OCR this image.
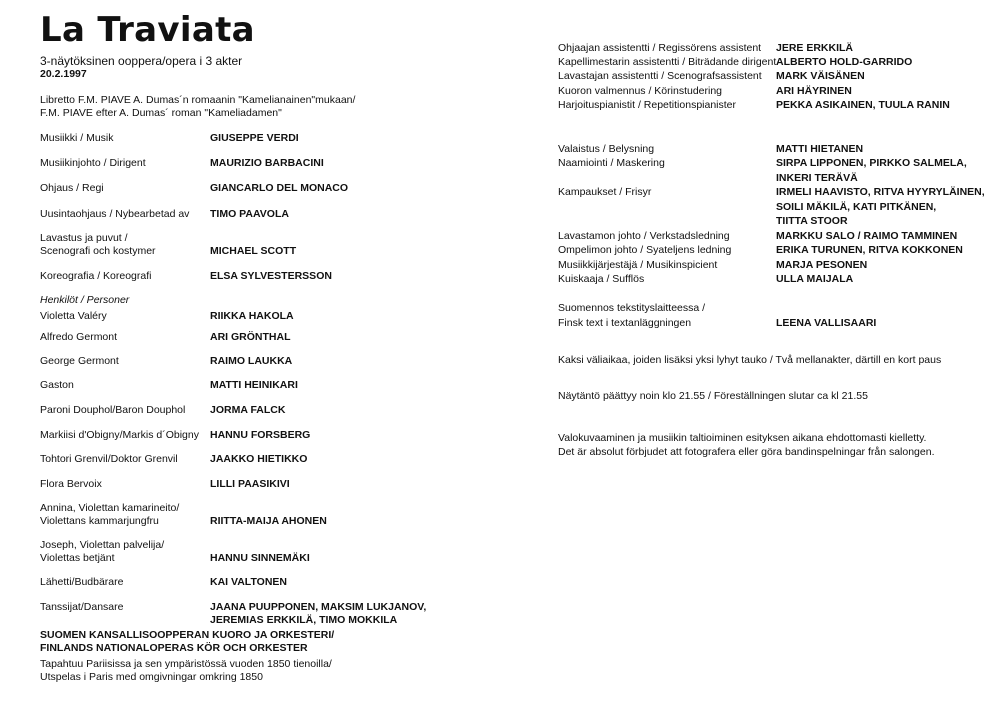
La Traviata
3-näytöksinen ooppera/opera i 3 akter
20.2.1997
Libretto F.M. PIAVE A. Dumas´n romaanin "Kamelianainen"mukaan/
F.M. PIAVE efter A. Dumas´ roman "Kameliadamen"
Musiikki / Musik	GIUSEPPE VERDI
Musiikinjohto / Dirigent	MAURIZIO BARBACINI
Ohjaus / Regi	GIANCARLO DEL MONACO
Uusintaohjaus / Nybearbetad av TIMO PAAVOLA
Lavastus ja puvut /
Scenografi och kostymer	MICHAEL SCOTT
Koreografia / Koreografi	ELSA SYLVESTERSSON
Henkilöt / Personer
Violetta Valéry	RIIKKA HAKOLA
Alfredo Germont	ARI GRÖNTHAL
George Germont	RAIMO LAUKKA
Gaston	MATTI HEINIKARI
Paroni Douphol/Baron Douphol JORMA FALCK
Markiisi d'Obigny/Markis d´Obigny HANNU FORSBERG
Tohtori Grenvil/Doktor Grenvil	JAAKKO HIETIKKO
Flora Bervoix	LILLI PAASIKIVI
Annina, Violettan kamarineito/
Violettans kammarjungfru	RIITTA-MAIJA AHONEN
Joseph, Violettan palvelija/
Violettas betjänt	HANNU SINNEMÄKI
Lähetti/Budbärare	KAI VALTONEN
Tanssijat/Dansare	JAANA PUUPPONEN, MAKSIM LUKJANOV,
JEREMIAS ERKKILÄ, TIMO MOKKILA
SUOMEN KANSALLISOOPPERAN KUORO JA ORKESTERI/
FINLANDS NATIONALOPERAS KÖR OCH ORKESTER
Tapahtuu Pariisissa ja sen ympäristössä vuoden 1850 tienoilla/
Utspelas i Paris med omgivningar omkring 1850
Ohjaajan assistentti / Regissörens assistent JERE ERKKILÄ
Kapellimestarin assistentti / Biträdande dirigent ALBERTO HOLD-GARRIDO
Lavastajan assistentti / Scenografsassistent MARK VÄISÄNEN
Kuoron valmennus / Körinstudering	ARI HÄYRINEN
Harjoituspianistit / Repetitionspianister	PEKKA ASIKAINEN, TUULA RANIN
Valaistus / Belysning	MATTI HIETANEN
Naamiointi / Maskering	SIRPA LIPPONEN, PIRKKO SALMELA,
INKERI TERÄVÄ
Kampaukset / Frisyr	IRMELI HAAVISTO, RITVA HYYRYLÄINEN,
SOILI MÄKILÄ, KATI PITKÄNEN,
TIITTA STOOR
Lavastamon johto / Verkstadsledning	MARKKU SALO / RAIMO TAMMINEN
Ompelimon johto / Syateljens ledning	ERIKA TURUNEN, RITVA KOKKONEN
Musiikkijärjestäjä / Musikinspicient	MARJA PESONEN
Kuiskaaja / Sufflös	ULLA MAIJALA
Suomennos tekstityslaitteessa /
Finsk text i textanläggningen	LEENA VALLISAARI
Kaksi väliaikaa, joiden lisäksi yksi lyhyt tauko / Två mellanakter, därtill en kort paus
Näytäntö päättyy noin klo 21.55 / Föreställningen slutar ca kl 21.55
Valokuvaaminen ja musiikin taltioiminen esityksen aikana ehdottomasti kielletty.
Det är absolut förbjudet att fotografera eller göra bandinspelningar från salongen.
